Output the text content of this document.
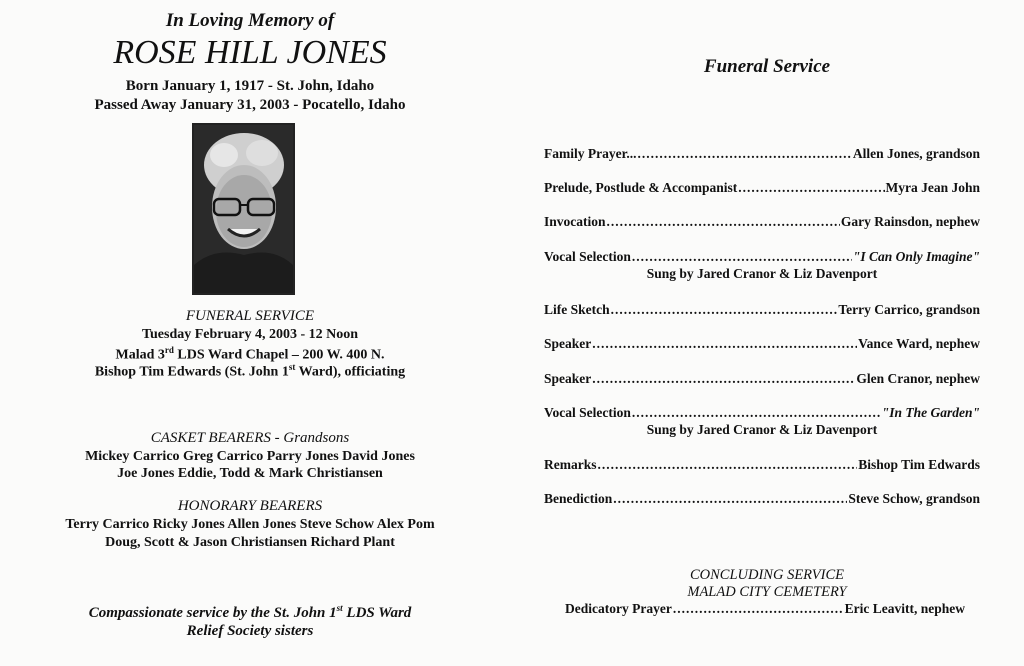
In Loving Memory of
ROSE HILL JONES
Born January 1, 1917 - St. John, Idaho
Passed Away January 31, 2003 - Pocatello, Idaho
FUNERAL SERVICE
Tuesday February 4, 2003 - 12 Noon
Malad 3rd LDS Ward Chapel – 200 W. 400 N.
Bishop Tim Edwards (St. John 1st Ward), officiating
CASKET BEARERS - Grandsons
Mickey Carrico Greg Carrico Parry Jones David Jones
Joe Jones Eddie, Todd & Mark Christiansen
HONORARY BEARERS
Terry Carrico Ricky Jones Allen Jones Steve Schow Alex Pom
Doug, Scott & Jason Christiansen Richard Plant
Compassionate service by the St. John 1st LDS Ward
Relief Society sisters
Funeral Service
Family Prayer... .....	Allen Jones, grandson
Prelude, Postlude & Accompanist .....	Myra Jean John
Invocation .....	Gary Rainsdon, nephew
Vocal Selection .....	"I Can Only Imagine"
Sung by Jared Cranor & Liz Davenport
Life Sketch .....	Terry Carrico, grandson
Speaker .....	Vance Ward, nephew
Speaker .....	Glen Cranor, nephew
Vocal Selection .....	"In The Garden"
Sung by Jared Cranor & Liz Davenport
Remarks .....	Bishop Tim Edwards
Benediction .....	Steve Schow, grandson
CONCLUDING SERVICE
MALAD CITY CEMETERY
Dedicatory Prayer .....	Eric Leavitt, nephew
